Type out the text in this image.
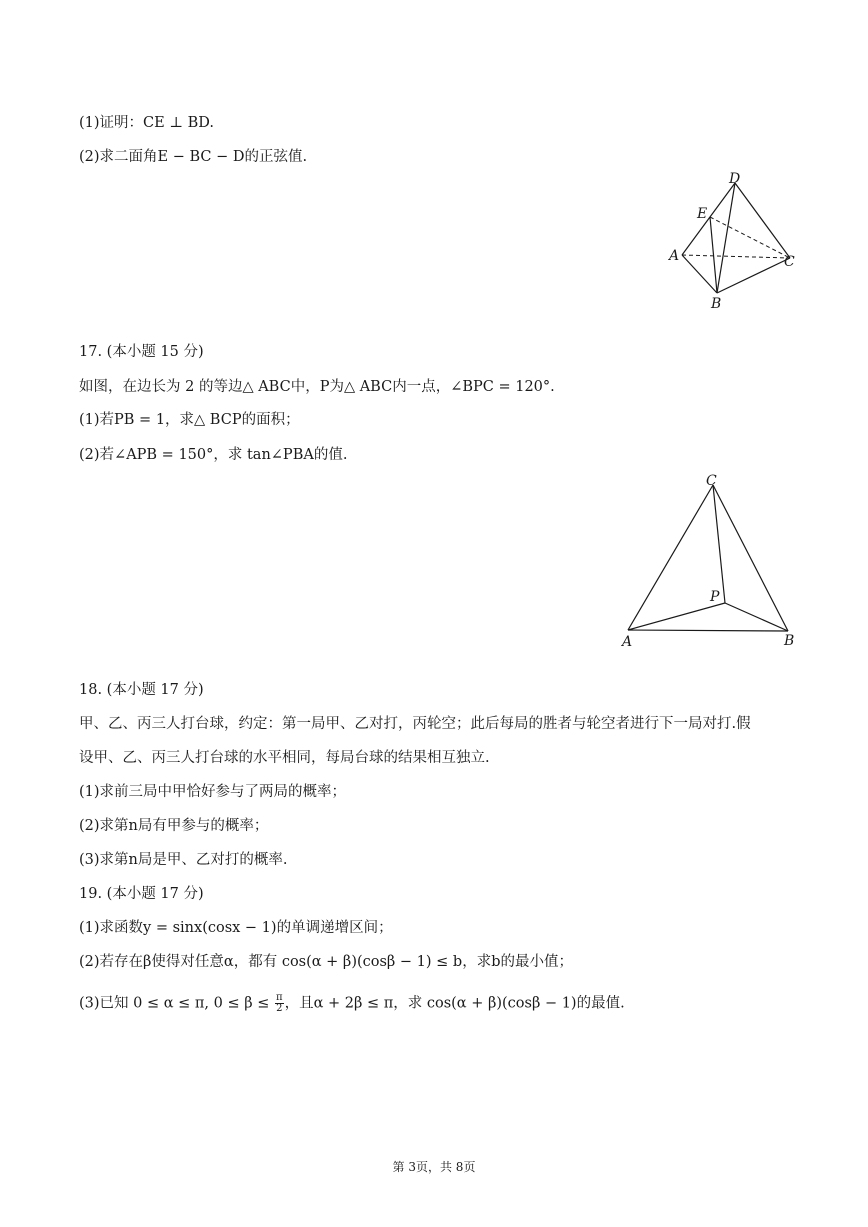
(1)证明：CE ⊥ BD.
(2)求二面角E − BC − D的正弦值.
D
E
A	C
B
17. (本小题 15 分)
如图，在边长为 2 的等边△ ABC中，P为△ ABC内一点，∠BPC = 120°.
(1)若PB = 1，求△ BCP的面积；
(2)若∠APB = 150°，求 tan∠PBA的值.
C
P
A	B
18. (本小题 17 分)
甲、乙、丙三人打台球，约定：第一局甲、乙对打，丙轮空；此后每局的胜者与轮空者进行下一局对打.假
设甲、乙、丙三人打台球的水平相同，每局台球的结果相互独立.
(1)求前三局中甲恰好参与了两局的概率；
(2)求第n局有甲参与的概率；
(3)求第n局是甲、乙对打的概率.
19. (本小题 17 分)
(1)求函数y = sinx(cosx − 1)的单调递增区间；
(2)若存在β使得对任意α，都有 cos(α + β)(cosβ − 1) ≤ b，求b的最小值；
(3)已知 0 ≤ α ≤ π, $0 \le \beta \le \frac{\pi}{2}$ ，且α + 2β ≤ π，求 cos(α + β)(cosβ − 1)的最值.
第 3页，共 8页
